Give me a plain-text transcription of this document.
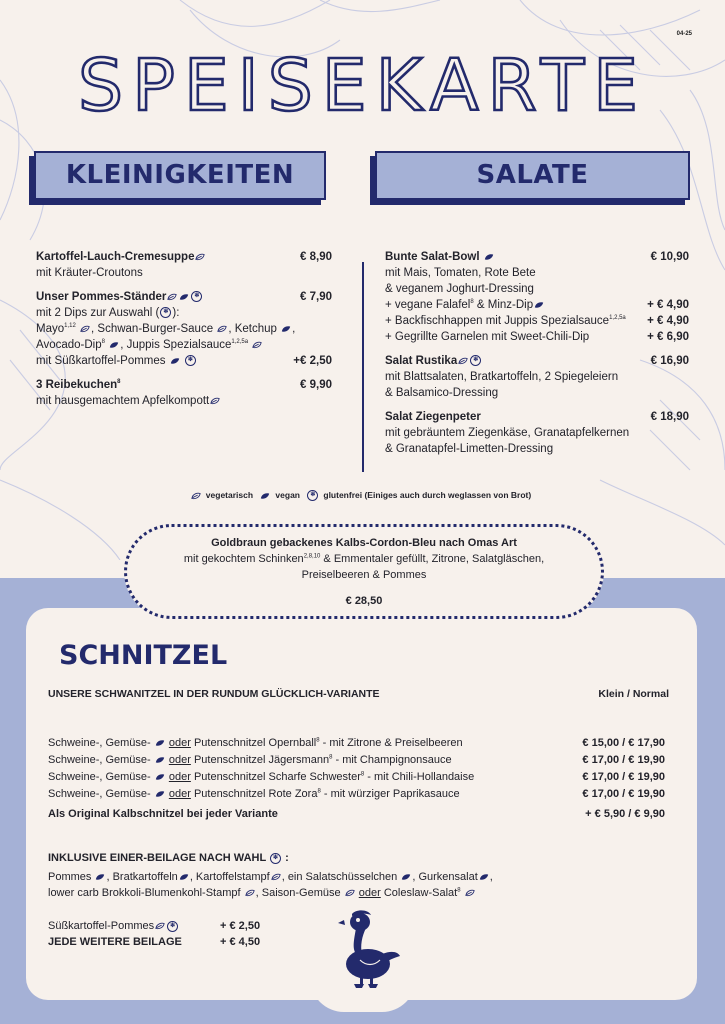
04-25
SPEISEKARTE
KLEINIGKEITEN	SALATE
Kartoffel-Lauch-Cremesuppe	€ 8,90
mit Kräuter-Croutons
Unser Pommes-Ständer	✻	€ 7,90
mit 2 Dips zur Auswahl ( ✻ ):
Mayo$^{1,12}$ , Schwan-Burger-Sauce , Ketchup ,
Avocado-Dip$^8$ , Juppis Spezialsauce$^{1,2,5a}$
mit Süßkartoffel-Pommes	✻	+€ 2,50
3 Reibekuchen$^8$	€ 9,90
mit hausgemachtem Apfelkompott
Bunte Salat-Bowl	€ 10,90
mit Mais, Tomaten, Rote Bete
& veganem Joghurt-Dressing
+ vegane Falafel$^8$ & Minz-Dip	+ € 4,90
+ Backfischhappen mit Juppis Spezialsauce$^{1,2,5a}$ + € 4,90
+ Gegrillte Garnelen mit Sweet-Chili-Dip	+ € 6,90
Salat Rustika	✻	€ 16,90
mit Blattsalaten, Bratkartoffeln, 2 Spiegeleiern
& Balsamico-Dressing
Salat Ziegenpeter	€ 18,90
mit gebräuntem Ziegenkäse, Granatapfelkernen
& Granatapfel-Limetten-Dressing
vegetarisch	vegan ✻ glutenfrei (Einiges auch durch weglassen von Brot)
Goldbraun gebackenes Kalbs-Cordon-Bleu nach Omas Art
mit gekochtem Schinken$^{2,8,10}$ & Emmentaler gefüllt, Zitrone, Salatgläschen,
Preiselbeeren & Pommes
€ 28,50
SCHNITZEL
UNSERE SCHWANITZEL IN DER RUNDUM GLÜCKLICH-VARIANTE	Klein / Normal
Schweine-, Gemüse- oder Putenschnitzel Opernball$^8$ - mit Zitrone & Preiselbeeren	€ 15,00 / € 17,90
Schweine-, Gemüse- oder Putenschnitzel Jägersmann$^8$ - mit Champignonsauce	€ 17,00 / € 19,90
Schweine-, Gemüse- oder Putenschnitzel Scharfe Schwester$^8$ - mit Chili-Hollandaise	€ 17,00 / € 19,90
Schweine-, Gemüse- oder Putenschnitzel Rote Zora$^8$ - mit würziger Paprikasauce	€ 17,00 / € 19,90
Als Original Kalbschnitzel bei jeder Variante	+ € 5,90 / € 9,90
INKLUSIVE EINER-BEILAGE NACH WAHL ✻ :
Pommes , Bratkartoffeln , Kartoffelstampf , ein Salatschüsselchen , Gurkensalat ,
lower carb Brokkoli-Blumenkohl-Stampf , Saison-Gemüse oder Coleslaw-Salat$^8$
Süßkartoffel-Pommes	✻	+ € 2,50
JEDE WEITERE BEILAGE	+ € 4,50
